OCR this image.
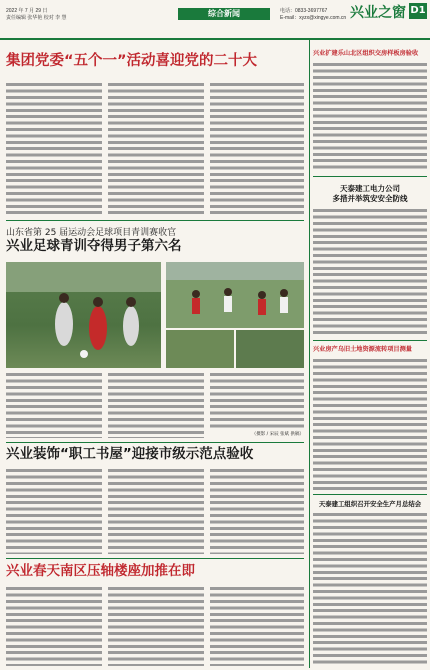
2022 年 7 月 29 日
责任编辑 张华艳 校对 李 慧	综合新闻	电话：0833-3697767
E-mail：xyzx@xingye.com.cn 兴业之窗 D1
集团党委“五个一”活动喜迎党的二十大
山东省第 25 届运动会足球项目青训赛收官
兴业足球青训夺得男子第六名
（摄影 / 宋辰 张斌 供稿）
兴业装饰“职工书屋”迎接市级示范点验收
兴业春天南区压轴楼座加推在即
兴业扩建乐山北区组织交房样板房验收
天泰建工电力公司
多措并举筑安安全防线
兴业房产乌旧土地资源流转项目测量
天泰建工组织召开安全生产月总结会
